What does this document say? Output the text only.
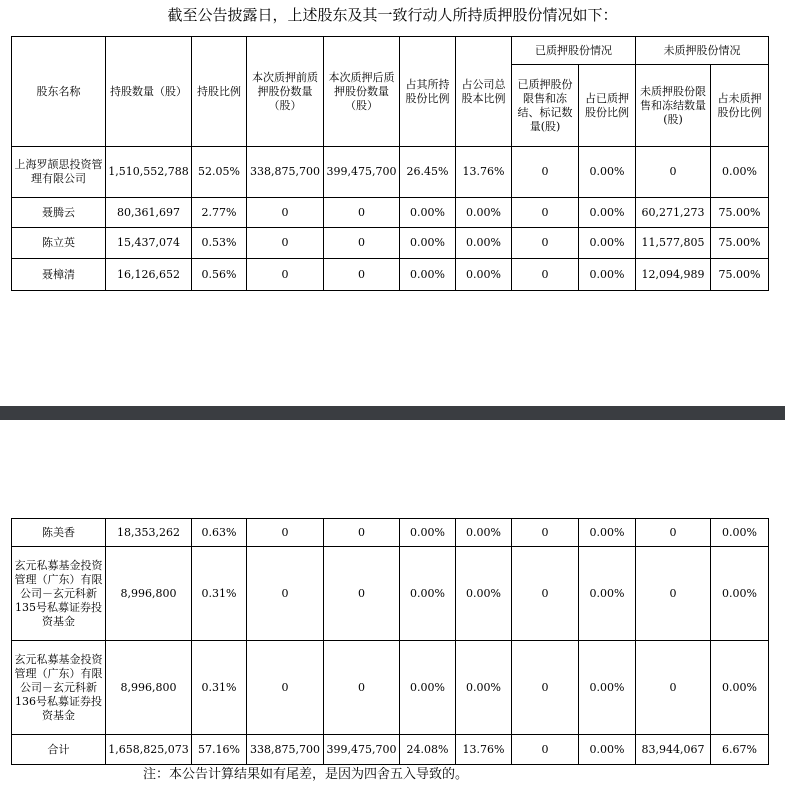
截至公告披露日，上述股东及其一致行动人所持质押股份情况如下：
股东名称	持股数量（股）	持股比例	本次质押前质押股份数量（股）	本次质押后质押股份数量（股）	占其所持股份比例	占公司总股本比例	已质押股份情况		未质押股份情况	
							已质押股份限售和冻结、标记数量(股)	占已质押股份比例	未质押股份限售和冻结数量(股)	占未质押股份比例
上海罗颉思投资管理有限公司	1,510,552,788	52.05%	338,875,700	399,475,700	26.45%	13.76%	0	0.00%	0	0.00%
聂腾云	80,361,697	2.77%	0	0	0.00%	0.00%	0	0.00%	60,271,273	75.00%
陈立英	15,437,074	0.53%	0	0	0.00%	0.00%	0	0.00%	11,577,805	75.00%
聂樟清	16,126,652	0.56%	0	0	0.00%	0.00%	0	0.00%	12,094,989	75.00%
陈美香	18,353,262	0.63%	0	0	0.00%	0.00%	0	0.00%	0	0.00%
玄元私募基金投资管理（广东）有限公司－玄元科新135号私募证券投资基金	8,996,800	0.31%	0	0	0.00%	0.00%	0	0.00%	0	0.00%
玄元私募基金投资管理（广东）有限公司－玄元科新136号私募证券投资基金	8,996,800	0.31%	0	0	0.00%	0.00%	0	0.00%	0	0.00%
合计	1,658,825,073	57.16%	338,875,700	399,475,700	24.08%	13.76%	0	0.00%	83,944,067	6.67%
注：本公告计算结果如有尾差，是因为四舍五入导致的。
